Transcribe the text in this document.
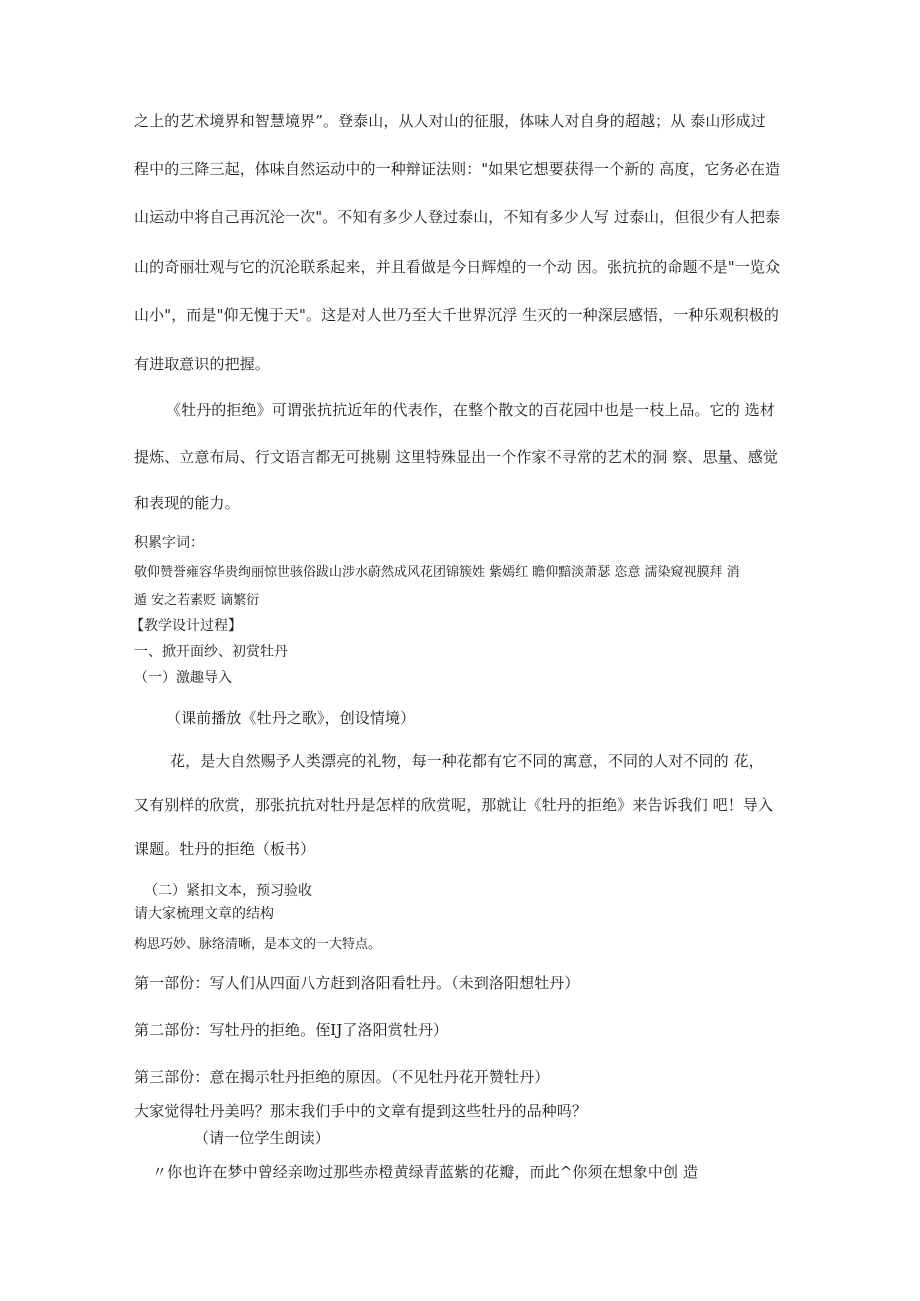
之上的艺术境界和智慧境界”。登泰山，从人对山的征服，体味人对自身的超越；从 泰山形成过

程中的三降三起，体味自然运动中的一种辩证法则："如果它想要获得一个新的 高度，它务必在造

山运动中将自己再沉沦一次"。不知有多少人登过泰山，不知有多少人写 过泰山，但很少有人把泰

山的奇丽壮观与它的沉沦联系起来，并且看做是今日辉煌的一个动 因。张抗抗的命题不是"一览众

山小"，而是"仰无愧于天"。这是对人世乃至大千世界沉浮 生灭的一种深层感悟，一种乐观积极的

有进取意识的把握。

《牡丹的拒绝》可谓张抗抗近年的代表作，在整个散文的百花园中也是一枝上品。它的 选材

提炼、立意布局、行文语言都无可挑剔 这里特殊显出一个作家不寻常的艺术的洞 察、思量、感觉

和表现的能力。

积累字词：

敬仰赞誉雍容华贵绚丽惊世骇俗跋山涉水蔚然成风花团锦簇姓 紫嫣红 瞻仰黯淡萧瑟 恣意 濡染窥视膜拜 消

遁 安之若素贬 谪繁衍

【教学设计过程】

一、掀开面纱、初赏牡丹

（一）激趣导入

（课前播放《牡丹之歌》，创设情境）

花，是大自然赐予人类漂亮的礼物，每一种花都有它不同的寓意，不同的人对不同的 花，

又有别样的欣赏，那张抗抗对牡丹是怎样的欣赏呢，那就让《牡丹的拒绝》来告诉我们 吧！导入

课题。牡丹的拒绝（板书）

（二）紧扣文本，预习验收

请大家梳理文章的结构

构思巧妙、脉络清晰，是本文的一大特点。

第一部份：写人们从四面八方赶到洛阳看牡丹。（未到洛阳想牡丹）

第二部份：写牡丹的拒绝。侄IJ了洛阳赏牡丹）

第三部份：意在揭示牡丹拒绝的原因。（不见牡丹花开赞牡丹）

大家觉得牡丹美吗？那末我们手中的文章有提到这些牡丹的品种吗？

（请一位学生朗读）

〃你也许在梦中曾经亲吻过那些赤橙黄绿青蓝紫的花瓣，而此^你须在想象中创 造
